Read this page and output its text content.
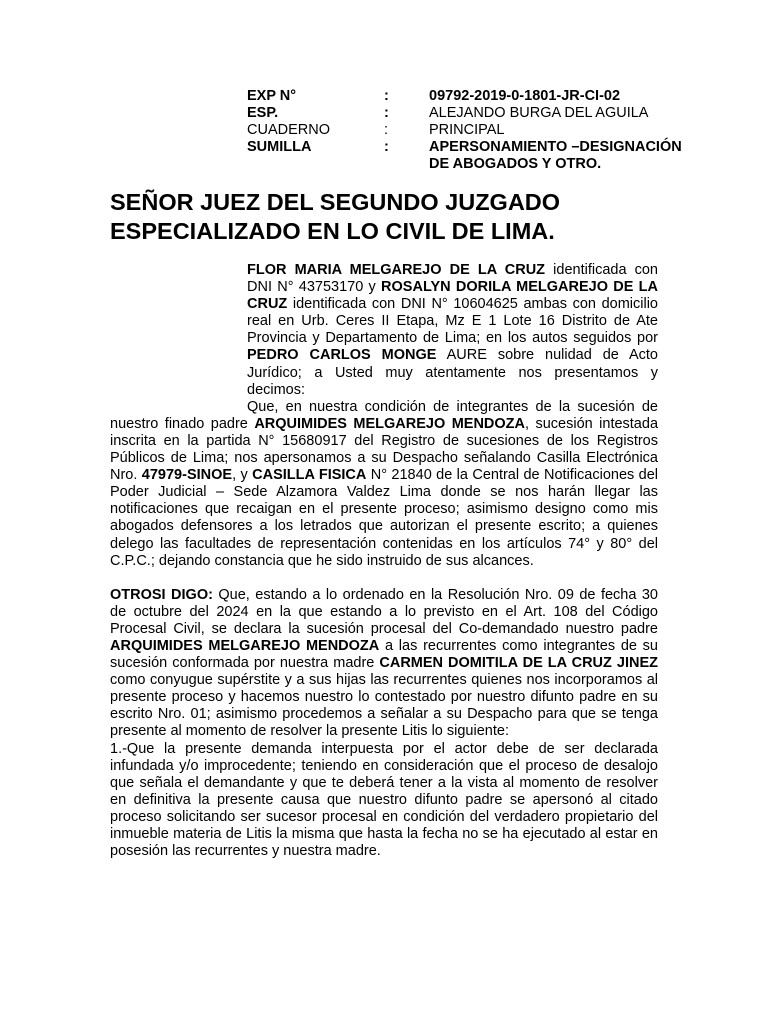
EXP N°	:	09792-2019-0-1801-JR-CI-02
ESP.	:	ALEJANDO BURGA DEL AGUILA
CUADERNO	:	PRINCIPAL
SUMILLA	:	APERSONAMIENTO –DESIGNACIÓN
DE ABOGADOS Y OTRO.
SEÑOR JUEZ DEL SEGUNDO JUZGADO
ESPECIALIZADO EN LO CIVIL DE LIMA.

FLOR MARIA MELGAREJO DE LA CRUZ identificada con DNI N° 43753170 y ROSALYN DORILA MELGAREJO DE LA CRUZ identificada con DNI N° 10604625 ambas con domicilio real en Urb. Ceres II Etapa, Mz E 1 Lote 16 Distrito de Ate Provincia y Departamento de Lima; en los autos seguidos por PEDRO CARLOS MONGE AURE sobre nulidad de Acto Jurídico; a Usted muy atentamente nos presentamos y decimos:

Que, en nuestra condición de integrantes de la sucesión de nuestro finado padre ARQUIMIDES MELGAREJO MENDOZA, sucesión intestada inscrita en la partida N° 15680917 del Registro de sucesiones de los Registros Públicos de Lima; nos apersonamos a su Despacho señalando Casilla Electrónica Nro. 47979-SINOE, y CASILLA FISICA N° 21840 de la Central de Notificaciones del Poder Judicial – Sede Alzamora Valdez Lima donde se nos harán llegar las notificaciones que recaigan en el presente proceso; asimismo designo como mis abogados defensores a los letrados que autorizan el presente escrito; a quienes delego las facultades de representación contenidas en los artículos 74° y 80° del C.P.C.; dejando constancia que he sido instruido de sus alcances.

OTROSI DIGO: Que, estando a lo ordenado en la Resolución Nro. 09 de fecha 30 de octubre del 2024 en la que estando a lo previsto en el Art. 108 del Código Procesal Civil, se declara la sucesión procesal del Co-demandado nuestro padre ARQUIMIDES MELGAREJO MENDOZA a las recurrentes como integrantes de su sucesión conformada por nuestra madre CARMEN DOMITILA DE LA CRUZ JINEZ como conyugue supérstite y a sus hijas las recurrentes quienes nos incorporamos al presente proceso y hacemos nuestro lo contestado por nuestro difunto padre en su escrito Nro. 01; asimismo procedemos a señalar a su Despacho para que se tenga presente al momento de resolver la presente Litis lo siguiente:

1.-Que la presente demanda interpuesta por el actor debe de ser declarada infundada y/o improcedente; teniendo en consideración que el proceso de desalojo que señala el demandante y que te deberá tener a la vista al momento de resolver en definitiva la presente causa que nuestro difunto padre se apersonó al citado proceso solicitando ser sucesor procesal en condición del verdadero propietario del inmueble materia de Litis la misma que hasta la fecha no se ha ejecutado al estar en posesión las recurrentes y nuestra madre.
